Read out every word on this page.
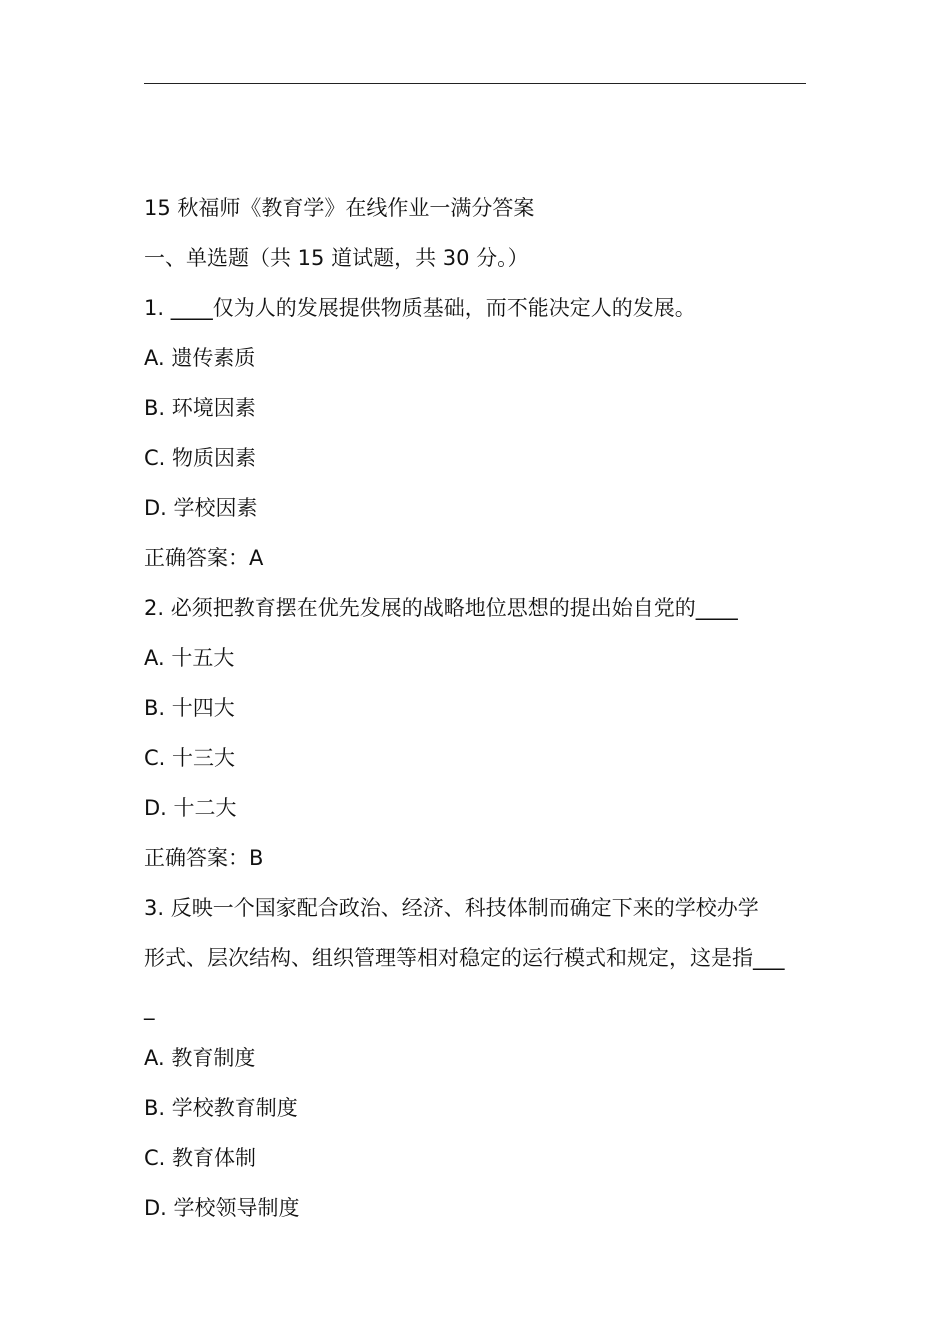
15 秋福师《教育学》在线作业一满分答案
一、单选题（共 15 道试题，共 30 分。）
1. ____仅为人的发展提供物质基础，而不能决定人的发展。
A. 遗传素质
B. 环境因素
C. 物质因素
D. 学校因素
正确答案：A
2. 必须把教育摆在优先发展的战略地位思想的提出始自党的____
A. 十五大
B. 十四大
C. 十三大
D. 十二大
正确答案：B
3. 反映一个国家配合政治、经济、科技体制而确定下来的学校办学
形式、层次结构、组织管理等相对稳定的运行模式和规定，这是指___
_
A. 教育制度
B. 学校教育制度
C. 教育体制
D. 学校领导制度
